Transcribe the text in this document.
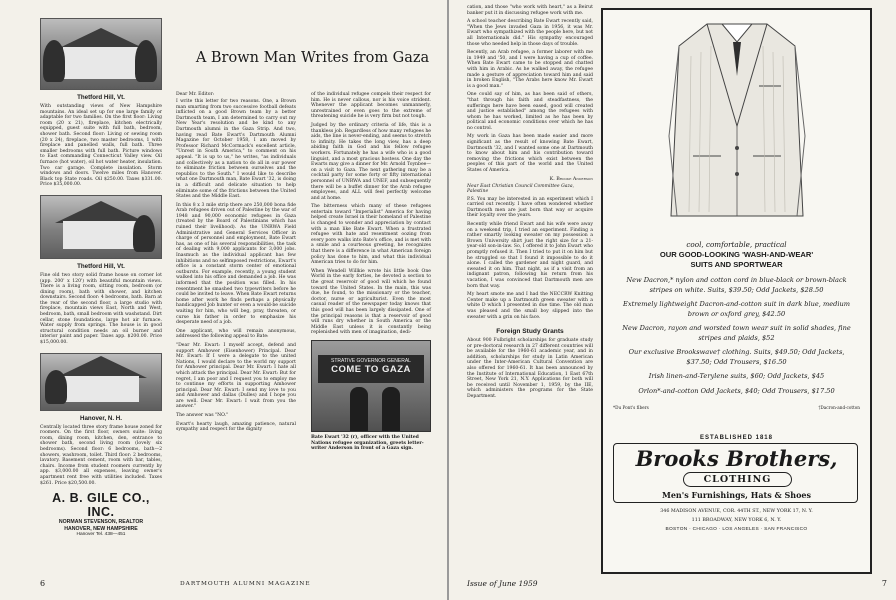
Thetford Hill, Vt.
With outstanding views of New Hampshire mountains. An ideal set up for one large family or adaptable for two families. On the first floor: Living room (20 x 21), fireplace, kitchen electrically equipped, guest suite with full bath, bedroom, shower bath. Second floor: Living or sewing room (20 x 24), fireplace, two master bedrooms, 1 with fireplace and panelled walls, full bath. Three smaller bedrooms with full bath. Picture windows to East commanding Connecticut Valley view. Oil furnace (hot water), oil hot water heater, insulation. Two car garage. Complete insulation. Storm windows and doors. Twelve miles from Hanover. Black top State roads. Oil $250.00. Taxes $331.00. Price $35,000.00.
Thetford Hill, Vt.
Fine old two story solid frame house on corner lot (app. 200' x 120') with beautiful mountain views. There is a living room, sitting room, bedroom (or dining room), bath with shower, and kitchen downstairs. Second floor: 4 bedrooms, bath. Barn at the rear of the second floor, a large studio with fireplace, mountain views East, North and West, bedroom, bath, small bedroom with washstand. Dirt cellar, stone foundations, large hot air furnace. Water supply from springs. The house is in good structural condition needs an oil burner and interior paint and paper. Taxes app. $200.00. Price $15,000.00.
Hanover, N. H.
Centrally located three story frame house zoned for roomers. On the first floor, owners suite: living room, dining room, kitchen, den, entrance to shower bath, second living room (lovely six bedrooms). Second floor: 6 bedrooms, bath—2 showers, washroom, toilet. Third floor: 2 bedrooms, lavatory. Basement cement, room with bar, tables, chairs. Income from student roomers currently by app. $3,000.00 all expenses, leaving owner's apartment rent free with utilities included. Taxes $261. Price $20,500.00.
A. B. GILE CO., INC.
NORMAN STEVENSON, REALTOR
HANOVER, NEW HAMPSHIRE
Hanover Tel. 438—451
A Brown Man Writes from Gaza
Dear Mr. Editor:

I write this letter for two reasons. One, a Brown man smarting from two successive football defeats inflicted on a good Brown team by a better Dartmouth team, I am determined to carry out my New Year's resolution and be kind to any Dartmouth alumni in the Gaza Strip. And two, having read Bate Ewart's Dartmouth Alumni Magazine for October 1958, I am moved by Professor Richard McCormack's excellent article, "Unrest in South America," to comment on his appeal. "It is up to us," he writes, "as individuals and collectively as a nation to do all in our power to eliminate friction between ourselves and the republics to the South." I would like to describe what one Dartmouth man, Bate Ewart '32, is doing in a difficult and delicate situation to help eliminate some of the frictions between the United States and the Middle East.

In this 8 x 3 mile strip there are 250,000 bona fide Arab refugees driven out of Palestine by the war of 1948 and 90,000 economic refugees in Gaza (treated by the Board of Palestinians which has ruined their livelihood). As the UNRWA Field Administrative and General Services Officer in charge of personnel and employment, Bate Ewart has, as one of his several responsibilities, the task of dealing with 9,000 applicants for 3,000 jobs. Inasmuch as the individual applicant has few inhibitions and no selfimposed restrictions, Ewart's office is a constant storm center of emotional outbursts. For example, recently, a young student walked into his office and demanded a job. He was informed that the position was filled. In his resentment he smashed two typewriters before he could be invited to leave. When Bate Ewart returns home after work he finds perhaps a physically handicapped Job hunter or even a would-be suicide waiting for him, who will beg, pray, threaten, or curse his father in order to emphasize his desperate need of a job.

One applicant, who will remain anonymous, addressed the following appeal to Bate:

"Dear Mr. Ewart: I myself accept, defend and support Amhower (Eisenhower) Principal. Dear Mr. Ewart: If I were a delegate to the united Nations, I would declare to the world my support for Amhower principal. Dear Mr. Ewart: I hate all which attack the principal. Dear Mr. Ewart: But for regret, I am poor and I request you to employ me to continue my efforts in supporting Amhower principal. Dear Mr. Ewart: I send my love to you and Amhower and dallas (Dulles) and I hope you are well. Dear Mr. Ewart: I wait from you the answer."

The answer was "NO."

Ewart's hearty laugh, amazing patience, natural sympathy and respect for the dignity

of the individual refugee compels their respect for him. He is never callous, nor is his voice strident. Whenever the applicant becomes unmannerly, unrestrained or even goes to the extreme of threatening suicide he is very firm but not tough.

Judged by the ordinary criteria of life, this is a thankless job. Regardless of how many refugees he aids, the line is never-ending, and seems to stretch to infinity. He takes the long view, has a deep abiding faith in God and his fellow refugee workers. Fortunately he has a wife who is a good linguist, and a most gracious hostess. One day the Ewarts may give a dinner for Mr. Arnold Toynbee—on a visit to Gaza. The next gathering may be a cocktail party for some forty or fifty international personnel of UNRWA and UNEF, and subsequently there will be a buffet dinner for the Arab refugee employees, and ALL will feel perfectly welcome and at home.

The bitterness which many of these refugees entertain toward "Imperialist" America for having helped create Israel in their homeland of Palestine is changed to wonder and appreciation by contact with a man like Bate Ewart. When a frustrated refugee with hate and resentment oozing from every pore walks into Bate's office, and is met with a smile and a courteous greeting, he recognizes that there is a difference in what American foreign policy has done to him, and what this individual American tries to do for him.

When Wendell Willkie wrote his little book One World in the early forties, he devoted a section to the great reservoir of good will which he found toward the United States. In the main, this was due, he found, to the missionary or the teacher, doctor, nurse or agriculturist. Even the most casual reader of the newspaper today knows that this good will has been largely dissipated. One of the principal reasons is that a reservoir of good will runs dry whether in South America or the Middle East unless it is constantly being replenished with men of imagination, dedi-

STRATIVE GOVERNOR GENERAL
COME TO GAZA
Bate Ewart '32 (r), officer with the United Nations refugee organization, greets letter-writer Anderson in front of a Gaza sign.
6	DARTMOUTH ALUMNI MAGAZINE

cation, and those "who work with heart," as a Beirut banker put it in discussing refugee work with me.

A school teacher describing Bate Ewart recently said, "When the Jews invaded Gaza in 1956, it was Mr. Ewart who sympathized with the people here, but not all Internationals did." His sympathy encouraged those who needed help in those days of trouble.

Recently, an Arab refugee, a former laborer with me in 1949 and '50, and I were having a cup of coffee. When Bate Ewart came to be stopped and chatted with him in Arabic. As he walked away, the refugee made a gesture of appreciation toward him and said in broken English, "The Arabs here know Mr. Ewart is a good man."

One could say of him, as has been said of others, "that through his faith and steadfastness, the sufferings here have been eased, good will created and justice established" among the refugees with whom he has worked, limited as he has been by political and economic conditions over which he has no control.

My work in Gaza has been made easier and more significant as the result of knowing Bate Ewart, Dartmouth '32, and I wanted some one at Dartmouth to know about him and his contribution toward removing the frictions which exist between the peoples of this part of the world and the United States of America.

K. Brooke Anderson
Near East Christian Council Committee Gaza, Palestine

P.S. You may be interested in an experiment which I carried out recently. I have often wondered whether Dartmouth men are just born that way or acquire their loyalty over the years.

Recently while friend Ewart and his wife were away on a weekend trip, I tried an experiment. Finding a rather smartly looking sweater on my possession a Brown University shirt just the right size for a 21-year-old son-in-law. So, I offered it to John Ewart who promptly refused it. Then I tried to put it on him but he struggled so that I found it impossible to do it alone. I called the gardener and night guard, and sweated it on him. That night, as if a visit from an indignant patron, following his return from his vacation, I was convinced that Dartmouth men are born that way.

My heart smote me and I had the NECCRW Knitting Center make up a Dartmouth green sweater with a white D which I presented in due time. The old man was pleased and the small boy slipped into the sweater with a grin on his face.

Foreign Study Grants
About 900 Fulbright scholarships for graduate study or pre-doctoral research in 27 different countries will be available for the 1960-61 academic year, and in addition, scholarships for study in Latin American under the Inter-American Cultural Convention are also offered for 1960-61. It has been announced by the Institute of International Education, 1 East 67th Street, New York 21, N.Y. Applications for both will be received until November 1, 1959, by the IIE, which administers the programs for the State Department.
cool, comfortable, practical
OUR GOOD-LOOKING 'WASH-AND-WEAR'
SUITS AND SPORTWEAR
New Dacron,* nylon and cotton cord in blue-black or brown-black stripes on white. Suits, $39.50; Odd Jackets, $28.50
Extremely lightweight Dacron-and-cotton suit in dark blue, medium brown or oxford grey, $42.50
New Dacron, rayon and worsted town wear suit in solid shades, fine stripes and plaids, $52
Our exclusive Brookswave† clothing. Suits, $49.50; Odd Jackets, $37.50; Odd Trousers, $16.50
Irish linen-and-Terylene suits, $60; Odd Jackets, $45
Orlon*-and-cotton Odd Jackets, $40; Odd Trousers, $17.50
*Du Pont's fibers	†Dacron-and-cotton
ESTABLISHED 1818
Brooks Brothers,
CLOTHING
Men's Furnishings, Hats & Shoes
346 MADISON AVENUE, COR. 44TH ST., NEW YORK 17, N. Y.
111 BROADWAY, NEW YORK 6, N. Y.
BOSTON · CHICAGO · LOS ANGELES · SAN FRANCISCO
Issue of June 1959	7
